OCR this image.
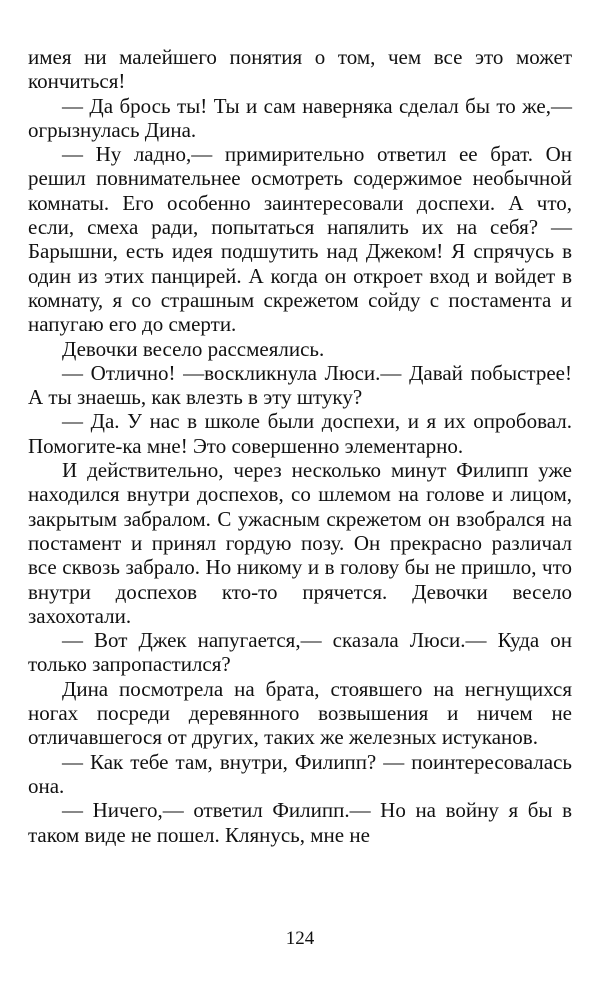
имея ни малейшего понятия о том, чем все это может кончиться!

— Да брось ты! Ты и сам наверняка сделал бы то же,— огрызнулась Дина.

— Ну ладно,— примирительно ответил ее брат. Он решил повнимательнее осмотреть содержимое необычной комнаты. Его особенно заинтересовали доспехи. А что, если, смеха ради, попытаться напялить их на себя? — Барышни, есть идея подшутить над Джеком! Я спрячусь в один из этих панцирей. А когда он откроет вход и войдет в комнату, я со страшным скрежетом сойду с постамента и напугаю его до смерти.

Девочки весело рассмеялись.

— Отлично! —воскликнула Люси.— Давай побыстрее! А ты знаешь, как влезть в эту штуку?

— Да. У нас в школе были доспехи, и я их опробовал. Помогите-ка мне! Это совершенно элементарно.

И действительно, через несколько минут Филипп уже находился внутри доспехов, со шлемом на голове и лицом, закрытым забралом. С ужасным скрежетом он взобрался на постамент и принял гордую позу. Он прекрасно различал все сквозь забрало. Но никому и в голову бы не пришло, что внутри доспехов кто-то прячется. Девочки весело захохотали.

— Вот Джек напугается,— сказала Люси.— Куда он только запропастился?

Дина посмотрела на брата, стоявшего на негнущихся ногах посреди деревянного возвышения и ничем не отличавшегося от других, таких же железных истуканов.

— Как тебе там, внутри, Филипп? — поинтересовалась она.

— Ничего,— ответил Филипп.— Но на войну я бы в таком виде не пошел. Клянусь, мне не

124
